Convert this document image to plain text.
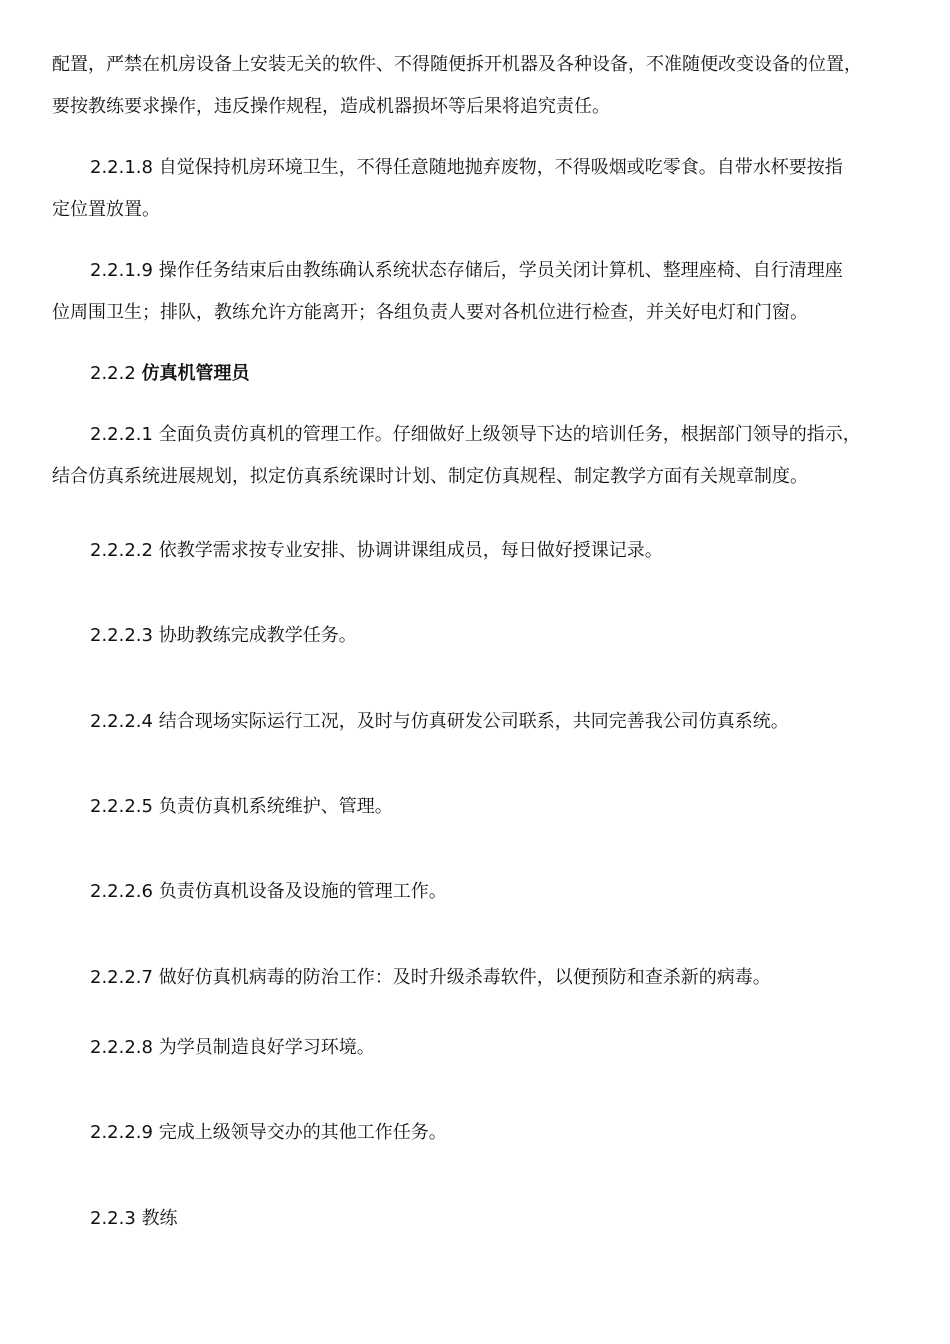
配置，严禁在机房设备上安装无关的软件、不得随便拆开机器及各种设备，不准随便改变设备的位置，
要按教练要求操作，违反操作规程，造成机器损坏等后果将追究责任。
2.2.1.8 自觉保持机房环境卫生，不得任意随地抛弃废物，不得吸烟或吃零食。自带水杯要按指
定位置放置。
2.2.1.9 操作任务结束后由教练确认系统状态存储后，学员关闭计算机、整理座椅、自行清理座
位周围卫生；排队，教练允许方能离开；各组负责人要对各机位进行检查，并关好电灯和门窗。
2.2.2 仿真机管理员
2.2.2.1 全面负责仿真机的管理工作。仔细做好上级领导下达的培训任务，根据部门领导的指示，
结合仿真系统进展规划，拟定仿真系统课时计划、制定仿真规程、制定教学方面有关规章制度。
2.2.2.2 依教学需求按专业安排、协调讲课组成员，每日做好授课记录。
2.2.2.3 协助教练完成教学任务。
2.2.2.4 结合现场实际运行工况，及时与仿真研发公司联系，共同完善我公司仿真系统。
2.2.2.5 负责仿真机系统维护、管理。
2.2.2.6 负责仿真机设备及设施的管理工作。
2.2.2.7 做好仿真机病毒的防治工作：及时升级杀毒软件，以便预防和查杀新的病毒。
2.2.2.8 为学员制造良好学习环境。
2.2.2.9 完成上级领导交办的其他工作任务。
2.2.3 教练
